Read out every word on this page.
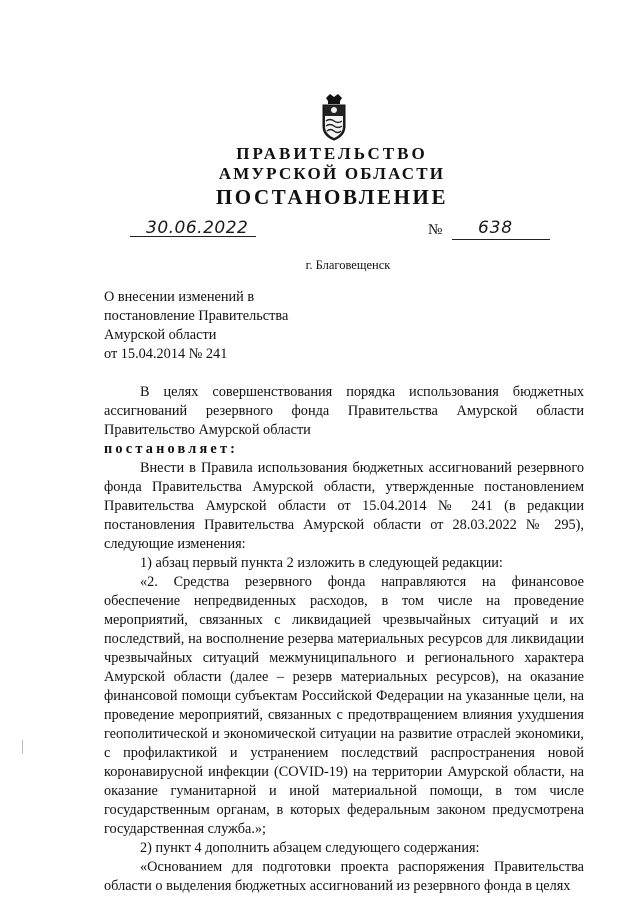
ПРАВИТЕЛЬСТВО
АМУРСКОЙ ОБЛАСТИ
ПОСТАНОВЛЕНИЕ
30.06.2022	№ 638
г. Благовещенск
О внесении изменений в
постановление Правительства
Амурской области
от 15.04.2014 № 241

В целях совершенствования порядка использования бюджетных ассигнований резервного фонда Правительства Амурской области Правительство Амурской области

постановляет:

Внести в Правила использования бюджетных ассигнований резервного фонда Правительства Амурской области, утвержденные постановлением Правительства Амурской области от 15.04.2014 № 241 (в редакции постановления Правительства Амурской области от 28.03.2022 № 295), следующие изменения:

1) абзац первый пункта 2 изложить в следующей редакции:

«2. Средства резервного фонда направляются на финансовое обеспечение непредвиденных расходов, в том числе на проведение мероприятий, связанных с ликвидацией чрезвычайных ситуаций и их последствий, на восполнение резерва материальных ресурсов для ликвидации чрезвычайных ситуаций межмуниципального и регионального характера Амурской области (далее – резерв материальных ресурсов), на оказание финансовой помощи субъектам Российской Федерации на указанные цели, на проведение мероприятий, связанных с предотвращением влияния ухудшения геополитической и экономической ситуации на развитие отраслей экономики, с профилактикой и устранением последствий распространения новой коронавирусной инфекции (COVID-19) на территории Амурской области, на оказание гуманитарной и иной материальной помощи, в том числе государственным органам, в которых федеральным законом предусмотрена государственная служба.»;

2) пункт 4 дополнить абзацем следующего содержания:

«Основанием для подготовки проекта распоряжения Правительства области о выделения бюджетных ассигнований из резервного фонда в целях
